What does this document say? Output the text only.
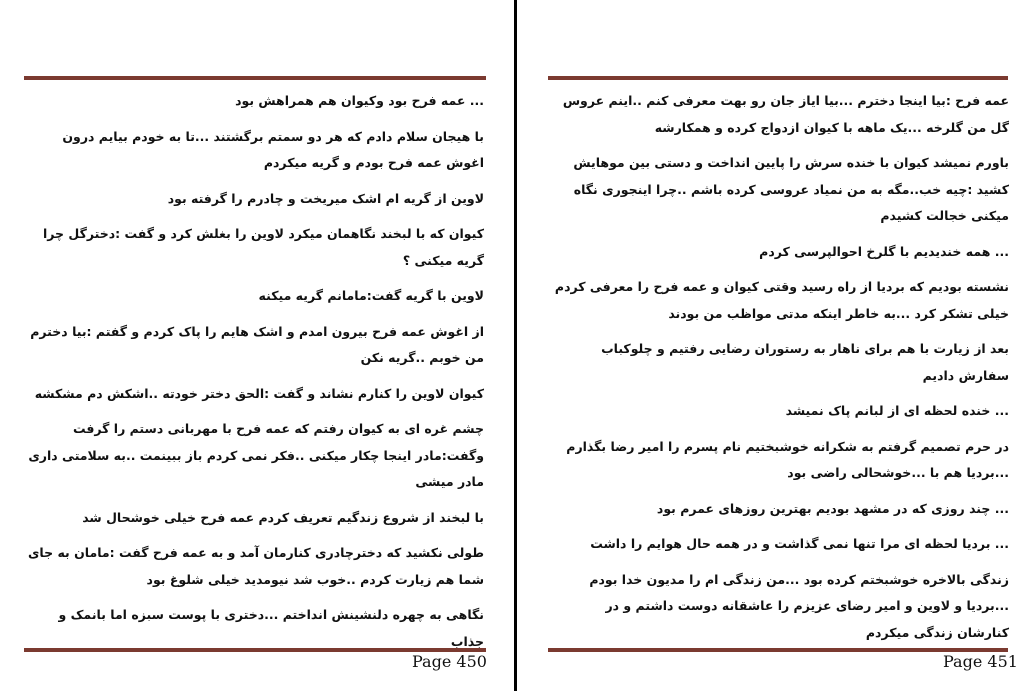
... عمه فرح بود وکیوان هم همراهش بود

با هیجان سلام دادم که هر دو سمتم برگشتند ...تا به خودم بیایم درون اغوش عمه فرح بودم و گریه میکردم

لاوین از گریه ام اشک میریخت و چادرم را گرفته بود

کیوان که با لبخند نگاهمان میکرد لاوین را بغلش کرد و گفت :دخترگل چرا گریه میکنی ؟

لاوین با گریه گفت:مامانم گریه میکنه

از اغوش عمه فرح بیرون امدم و اشک هایم را پاک کردم و گفتم :بیا دخترم من خوبم ..گریه نکن

کیوان لاوین را کنارم نشاند و گفت :الحق دختر خودته ..اشکش دم مشکشه

چشم غره ای به کیوان رفتم که عمه فرح با مهربانی دستم را گرفت وگفت:مادر اینجا چکار میکنی ..فکر نمی کردم باز ببینمت ..به سلامتی داری مادر میشی

با لبخند از شروع زندگیم تعریف کردم عمه فرح خیلی خوشحال شد

طولی نکشید که دخترچادری کنارمان آمد و به عمه فرح گفت :مامان به جای شما هم زیارت کردم ..خوب شد نیومدید خیلی شلوغ بود

نگاهی به چهره دلنشینش انداختم ...دختری با پوست سبزه اما بانمک و جذاب

Page 450

عمه فرح :بیا اینجا دخترم ...بیا ایاز جان رو بهت معرفی کنم ..اینم عروس گل من گلرخه ...یک ماهه با کیوان ازدواج کرده و همکارشه

باورم نمیشد کیوان با خنده سرش را پایین انداخت و دستی بین موهایش کشید :چیه خب..مگه به من نمیاد عروسی کرده باشم ..چرا اینجوری نگاه میکنی خجالت کشیدم

... همه خندیدیم با گلرخ احوالپرسی کردم

نشسته بودیم که بردیا از راه رسید وقتی کیوان و عمه فرح را معرفی کردم خیلی تشکر کرد ...به خاطر اینکه مدتی مواظب من بودند

بعد از زیارت با هم برای ناهار به رستوران رضایی رفتیم و چلوکباب سفارش دادیم

... خنده لحظه ای از لبانم پاک نمیشد

در حرم تصمیم گرفتم به شکرانه خوشبختیم نام پسرم را امیر رضا بگذارم ...بردیا هم با ...خوشحالی راضی بود

... چند روزی که در مشهد بودیم بهترین روزهای عمرم بود

... بردیا لحظه ای مرا تنها نمی گذاشت و در همه حال هوایم را داشت

زندگی بالاخره خوشبختم کرده بود ...من زندگی ام را مدیون خدا بودم ...بردیا و لاوین و امیر رضای عزیزم را عاشقانه دوست داشتم و در کنارشان زندگی میکردم

Page 451
